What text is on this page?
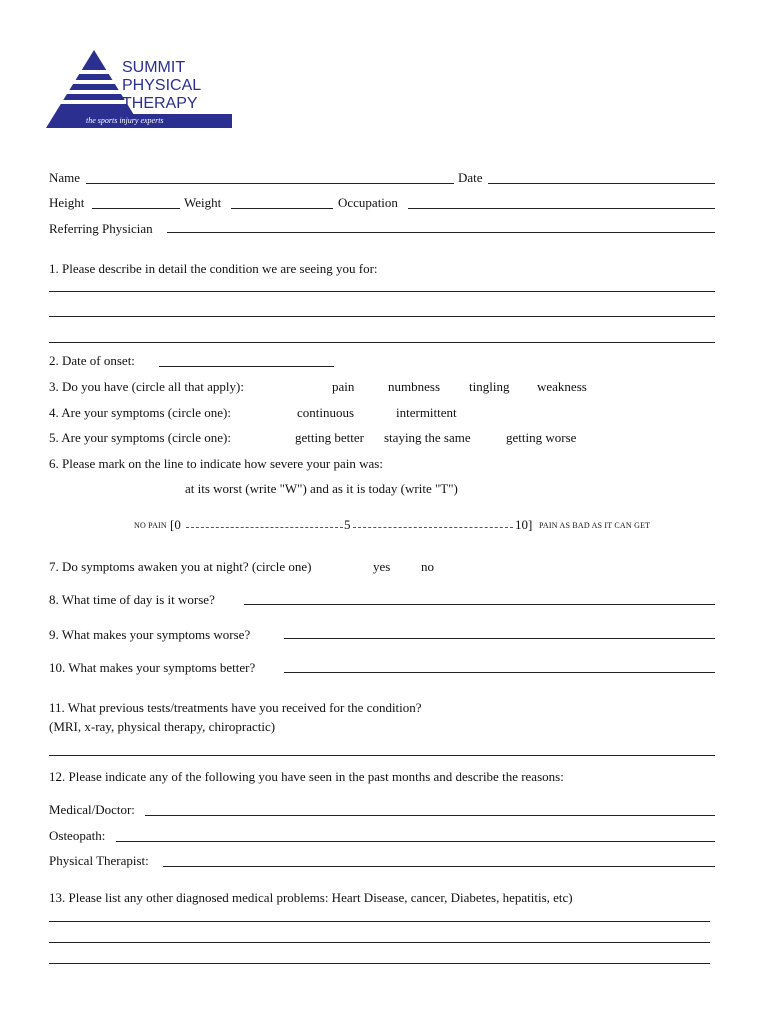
SUMMIT
PHYSICAL
THERAPY
the sports injury experts
Name	Date
Height	Weight	Occupation
Referring Physician
1. Please describe in detail the condition we are seeing you for:
2. Date of onset:
3. Do you have (circle all that apply):	pain	numbness tingling weakness
4. Are your symptoms (circle one):	continuous	intermittent
5. Are your symptoms (circle one):	getting better staying the same	getting worse
6. Please mark on the line to indicate how severe your pain was:
at its worst (write "W") and as it is today (write "T")
NO PAIN [0	5	10] PAIN AS BAD AS IT CAN GET
7. Do symptoms awaken you at night? (circle one)	yes no
8. What time of day is it worse?
9. What makes your symptoms worse?
10. What makes your symptoms better?
11. What previous tests/treatments have you received for the condition?
(MRI, x-ray, physical therapy, chiropractic)
12. Please indicate any of the following you have seen in the past months and describe the reasons:
Medical/Doctor:
Osteopath:
Physical Therapist:
13. Please list any other diagnosed medical problems: Heart Disease, cancer, Diabetes, hepatitis, etc)
